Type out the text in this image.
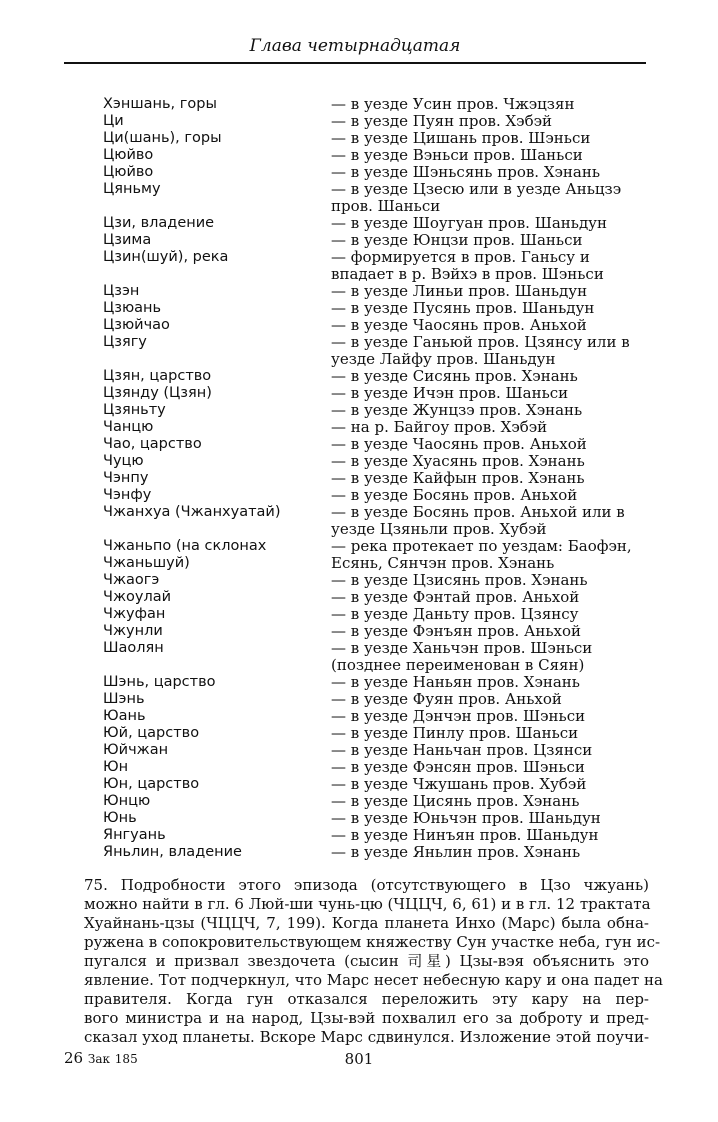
Глава четырнадцатая
Хэншань, горы	— в уезде Усин пров. Чжэцзян
Ци	— в уезде Пуян пров. Хэбэй
Ци(шань), горы	— в уезде Цишань пров. Шэньси
Цюйво	— в уезде Вэньси пров. Шаньси
Цюйво	— в уезде Шэньсянь пров. Хэнань
Цяньму	— в уезде Цзесю или в уезде Аньцзэ пров. Шаньси
Цзи, владение	— в уезде Шоугуан пров. Шаньдун
Цзима	— в уезде Юнцзи пров. Шаньси
Цзин(шуй), река	— формируется в пров. Ганьсу и впадает в р. Вэйхэ в пров. Шэньси
Цзэн	— в уезде Линьи пров. Шаньдун
Цзюань	— в уезде Пусянь пров. Шаньдун
Цзюйчао	— в уезде Чаосянь пров. Аньхой
Цзягу	— в уезде Ганьюй пров. Цзянсу или в уезде Лайфу пров. Шаньдун
Цзян, царство	— в уезде Сисянь пров. Хэнань
Цзянду (Цзян)	— в уезде Ичэн пров. Шаньси
Цзяньту	— в уезде Жунцзэ пров. Хэнань
Чанцю	— на р. Байгоу пров. Хэбэй
Чао, царство	— в уезде Чаосянь пров. Аньхой
Чуцю	— в уезде Хуасянь пров. Хэнань
Чэнпу	— в уезде Кайфын пров. Хэнань
Чэнфу	— в уезде Босянь пров. Аньхой
Чжанхуа (Чжанхуатай)	— в уезде Босянь пров. Аньхой или в уезде Цзяньли пров. Хубэй
Чжаньпо (на склонах Чжаньшуй)
— река протекает по уездам: Баофэн, Есянь, Сянчэн пров. Хэнань
Чжаогэ	— в уезде Цзисянь пров. Хэнань
Чжоулай	— в уезде Фэнтай пров. Аньхой
Чжуфан	— в уезде Даньту пров. Цзянсу
Чжунли	— в уезде Фэнъян пров. Аньхой
Шаолян	— в уезде Ханьчэн пров. Шэньси (позднее переименован в Сяян)
Шэнь, царство	— в уезде Наньян пров. Хэнань
Шэнь	— в уезде Фуян пров. Аньхой
Юань	— в уезде Дэнчэн пров. Шэньси
Юй, царство	— в уезде Пинлу пров. Шаньси
Юйчжан	— в уезде Наньчан пров. Цзянси
Юн	— в уезде Фэнсян пров. Шэньси
Юн, царство	— в уезде Чжушань пров. Хубэй
Юнцю	— в уезде Цисянь пров. Хэнань
Юнь	— в уезде Юньчэн пров. Шаньдун
Янгуань	— в уезде Нинъян пров. Шаньдун
Яньлин, владение	— в уезде Яньлин пров. Хэнань
75. Подробности этого эпизода (отсутствующего в Цзо чжуань)
можно найти в гл. 6 Люй-ши чунь-цю (ЧЦЦЧ, 6, 61) и в гл. 12 трактата
Хуайнань-цзы (ЧЦЦЧ, 7, 199). Когда планета Инхо (Марс) была обна-
ружена в сопокровительствующем княжеству Сун участке неба, гун ис-
пугался и призвал звездочета (сысин 司星) Цзы-вэя объяснить это
явление. Тот подчеркнул, что Марс несет небесную кару и она падет на
правителя. Когда гун отказался переложить эту кару на пер-
вого министра и на народ, Цзы-вэй похвалил его за доброту и пред-
сказал уход планеты. Вскоре Марс сдвинулся. Изложение этой поучи-
26 Зак 185	801
